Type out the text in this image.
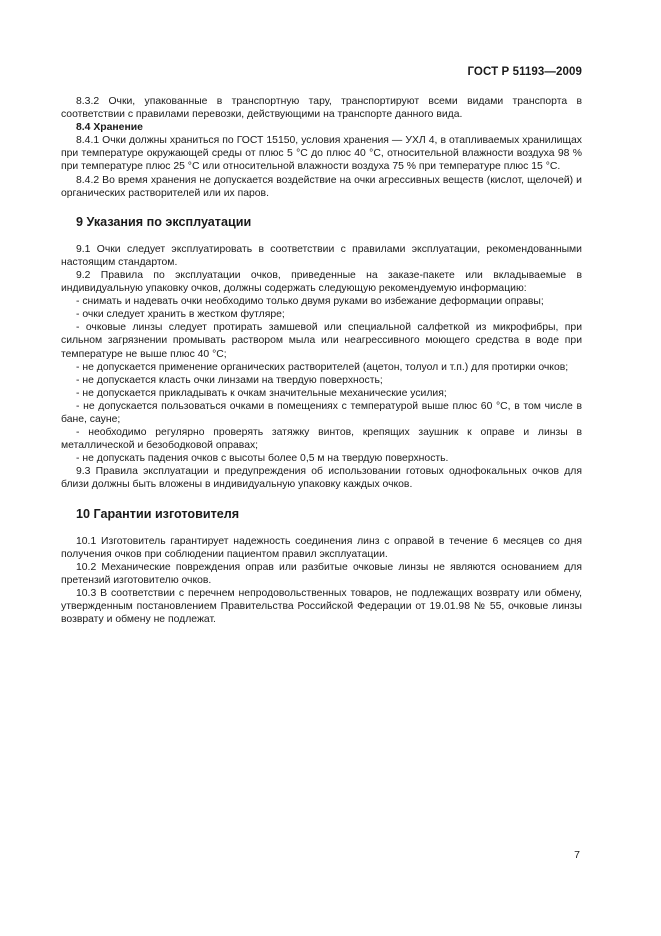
ГОСТ Р 51193—2009

8.3.2 Очки, упакованные в транспортную тару, транспортируют всеми видами транспорта в соответствии с правилами перевозки, действующими на транспорте данного вида.

8.4 Хранение

8.4.1 Очки должны храниться по ГОСТ 15150, условия хранения — УХЛ 4, в отапливаемых хранилищах при температуре окружающей среды от плюс 5 °С до плюс 40 °С, относительной влажности воздуха 98 % при температуре плюс 25 °С или относительной влажности воздуха 75 % при температуре плюс 15 °С.

8.4.2 Во время хранения не допускается воздействие на очки агрессивных веществ (кислот, щелочей) и органических растворителей или их паров.

9 Указания по эксплуатации

9.1 Очки следует эксплуатировать в соответствии с правилами эксплуатации, рекомендованными настоящим стандартом.

9.2 Правила по эксплуатации очков, приведенные на заказе-пакете или вкладываемые в индивидуальную упаковку очков, должны содержать следующую рекомендуемую информацию:

- снимать и надевать очки необходимо только двумя руками во избежание деформации оправы;

- очки следует хранить в жестком футляре;

- очковые линзы следует протирать замшевой или специальной салфеткой из микрофибры, при сильном загрязнении промывать раствором мыла или неагрессивного моющего средства в воде при температуре не выше плюс 40 °С;

- не допускается применение органических растворителей (ацетон, толуол и т.п.) для протирки очков;

- не допускается класть очки линзами на твердую поверхность;

- не допускается прикладывать к очкам значительные механические усилия;

- не допускается пользоваться очками в помещениях с температурой выше плюс 60 °С, в том числе в бане, сауне;

- необходимо регулярно проверять затяжку винтов, крепящих заушник к оправе и линзы в металлической и безободковой оправах;

- не допускать падения очков с высоты более 0,5 м на твердую поверхность.

9.3 Правила эксплуатации и предупреждения об использовании готовых однофокальных очков для близи должны быть вложены в индивидуальную упаковку каждых очков.

10 Гарантии изготовителя

10.1 Изготовитель гарантирует надежность соединения линз с оправой в течение 6 месяцев со дня получения очков при соблюдении пациентом правил эксплуатации.

10.2 Механические повреждения оправ или разбитые очковые линзы не являются основанием для претензий изготовителю очков.

10.3 В соответствии с перечнем непродовольственных товаров, не подлежащих возврату или обмену, утвержденным постановлением Правительства Российской Федерации от 19.01.98 № 55, очковые линзы возврату и обмену не подлежат.

7
